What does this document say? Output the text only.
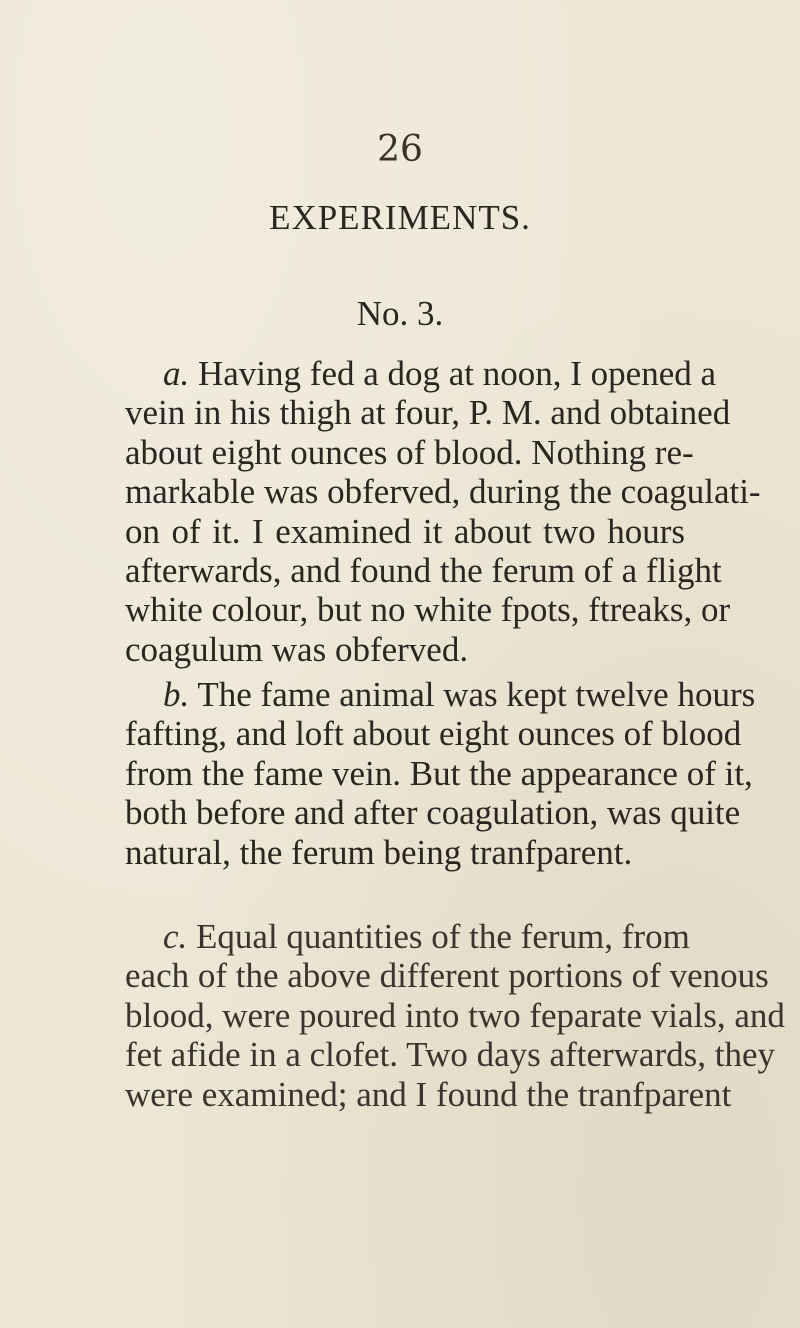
26
EXPERIMENTS.
No. 3.
a. Having fed a dog at noon, I opened a
vein in his thigh at four, P. M. and obtained
about eight ounces of blood. Nothing re-
markable was obferved, during the coagulati-
on of it. I examined it about two hours
afterwards, and found the ferum of a flight
white colour, but no white fpots, ftreaks, or
coagulum was obferved.
b. The fame animal was kept twelve hours
fafting, and loft about eight ounces of blood
from the fame vein. But the appearance of it,
both before and after coagulation, was quite
natural, the ferum being tranfparent.
c. Equal quantities of the ferum, from
each of the above different portions of venous
blood, were poured into two feparate vials, and
fet afide in a clofet. Two days afterwards, they
were examined; and I found the tranfparent
